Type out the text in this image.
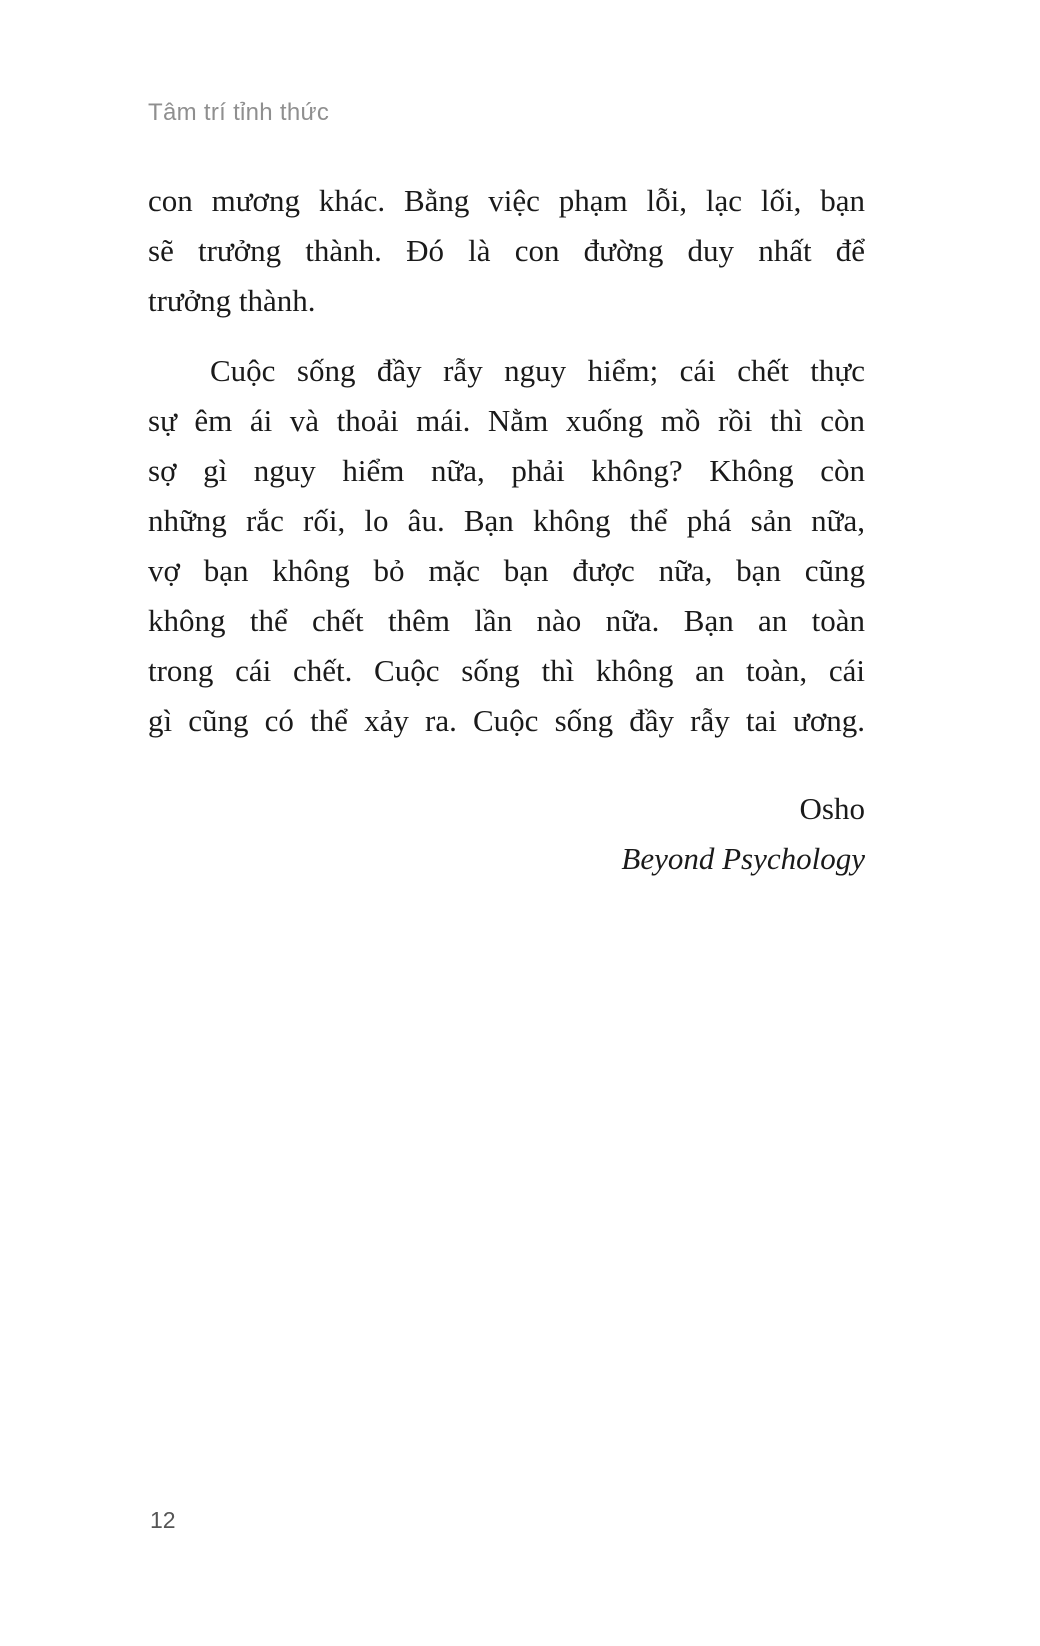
Tâm trí tỉnh thức
con mương khác. Bằng việc phạm lỗi, lạc lối, bạn
sẽ trưởng thành. Đó là con đường duy nhất để
trưởng thành.
Cuộc sống đầy rẫy nguy hiểm; cái chết thực
sự êm ái và thoải mái. Nằm xuống mồ rồi thì còn
sợ gì nguy hiểm nữa, phải không? Không còn
những rắc rối, lo âu. Bạn không thể phá sản nữa,
vợ bạn không bỏ mặc bạn được nữa, bạn cũng
không thể chết thêm lần nào nữa. Bạn an toàn
trong cái chết. Cuộc sống thì không an toàn, cái
gì cũng có thể xảy ra. Cuộc sống đầy rẫy tai ương.
Osho
Beyond Psychology
12
